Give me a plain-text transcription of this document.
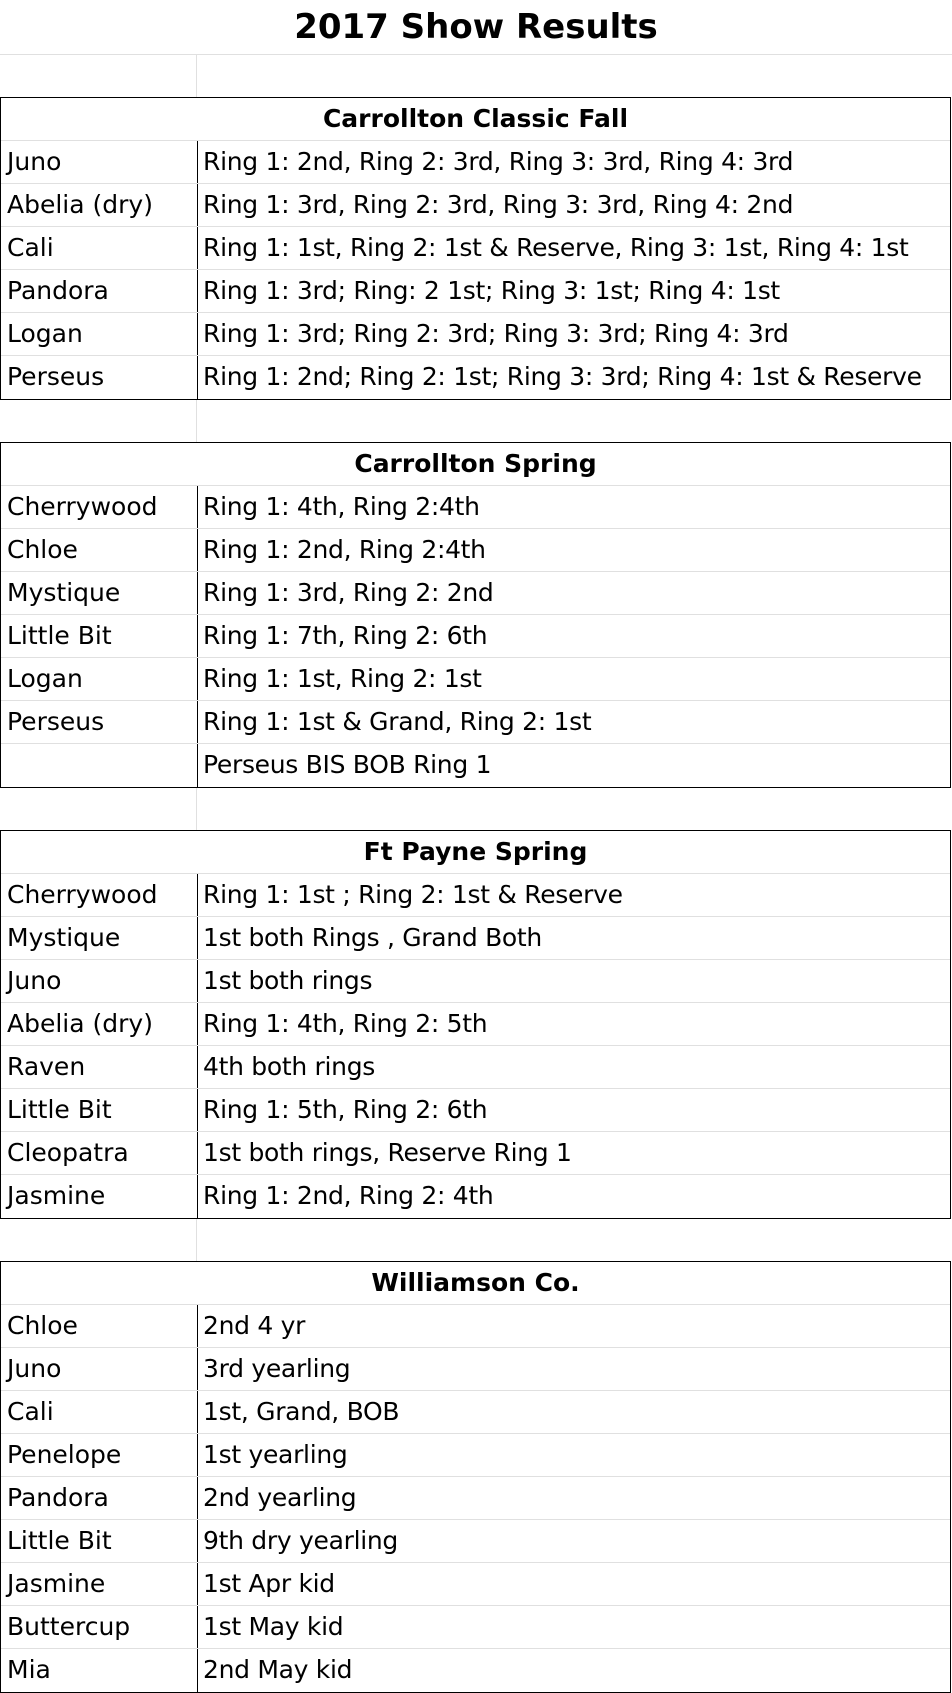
2017 Show Results
Carrollton Classic Fall
Juno	Ring 1: 2nd, Ring 2: 3rd, Ring 3: 3rd, Ring 4: 3rd
Abelia (dry)	Ring 1: 3rd, Ring 2: 3rd, Ring 3: 3rd, Ring 4: 2nd
Cali	Ring 1: 1st, Ring 2: 1st & Reserve, Ring 3: 1st, Ring 4: 1st
Pandora	Ring 1: 3rd; Ring: 2 1st; Ring 3: 1st; Ring 4: 1st
Logan	Ring 1: 3rd; Ring 2: 3rd; Ring 3: 3rd; Ring 4: 3rd
Perseus	Ring 1: 2nd; Ring 2: 1st; Ring 3: 3rd; Ring 4: 1st & Reserve
Carrollton Spring
Cherrywood	Ring 1: 4th, Ring 2:4th
Chloe	Ring 1: 2nd, Ring 2:4th
Mystique	Ring 1: 3rd, Ring 2: 2nd
Little Bit	Ring 1: 7th, Ring 2: 6th
Logan	Ring 1: 1st, Ring 2: 1st
Perseus	Ring 1: 1st & Grand, Ring 2: 1st
Perseus BIS BOB Ring 1
Ft Payne Spring
Cherrywood	Ring 1: 1st ; Ring 2: 1st & Reserve
Mystique	1st both Rings , Grand Both
Juno	1st both rings
Abelia (dry)	Ring 1: 4th, Ring 2: 5th
Raven	4th both rings
Little Bit	Ring 1: 5th, Ring 2: 6th
Cleopatra	1st both rings, Reserve Ring 1
Jasmine	Ring 1: 2nd, Ring 2: 4th
Williamson Co.
Chloe	2nd 4 yr
Juno	3rd yearling
Cali	1st, Grand, BOB
Penelope	1st yearling
Pandora	2nd yearling
Little Bit	9th dry yearling
Jasmine	1st Apr kid
Buttercup	1st May kid
Mia	2nd May kid
